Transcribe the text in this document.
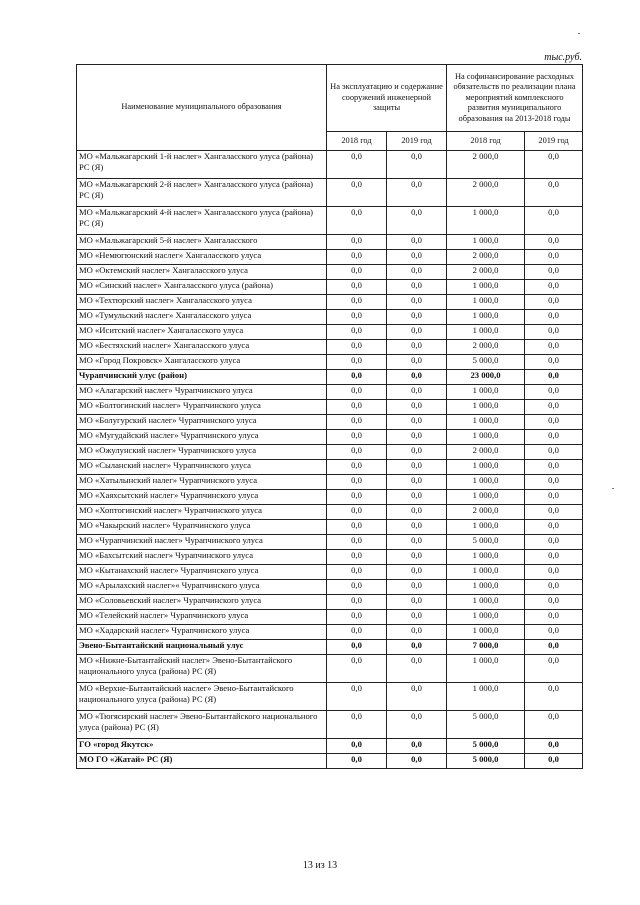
тыс.руб.
Наименование муниципального образования	На эксплуатацию и содержание сооружений инженерной защиты		На софинансирование расходных обязательств по реализации плана мероприятий комплексного развития муниципального образования на 2013-2018 годы	
	2018 год	2019 год	2018 год	2019 год
МО «Мальжагарский 1-й наслег» Хангаласского улуса (района) РС (Я)	0,0	0,0	2 000,0	0,0
МО «Мальжагарский 2-й наслег» Хангаласского улуса (района) РС (Я)	0,0	0,0	2 000,0	0,0
МО «Мальжагарский 4-й наслег» Хангаласского улуса (района) РС (Я)	0,0	0,0	1 000,0	0,0
МО «Мальжагарский 5-й наслег» Хангаласского	0,0	0,0	1 000,0	0,0
МО «Немюгюнский наслег» Хангаласского улуса	0,0	0,0	2 000,0	0,0
МО «Октемский наслег» Хангаласского улуса	0,0	0,0	2 000,0	0,0
МО «Синский наслег» Хангаласского улуса (района)	0,0	0,0	1 000,0	0,0
МО «Техтюрский наслег» Хангаласского улуса	0,0	0,0	1 000,0	0,0
МО «Тумульский наслег» Хангаласского улуса	0,0	0,0	1 000,0	0,0
МО «Иситский наслег» Хангаласского улуса	0,0	0,0	1 000,0	0,0
МО «Бестяхский наслег» Хангаласского улуса	0,0	0,0	2 000,0	0,0
МО «Город Покровск» Хангаласского улуса	0,0	0,0	5 000,0	0,0
Чурапчинский улус (район)	0,0	0,0	23 000,0	0,0
МО «Алагарский наслег» Чурапчинского улуса	0,0	0,0	1 000,0	0,0
МО «Болтогинский наслег» Чурапчинского улуса	0,0	0,0	1 000,0	0,0
МО «Болугурский наслег» Чурапчинского улуса	0,0	0,0	1 000,0	0,0
МО «Мугудайский наслег» Чурапчинского улуса	0,0	0,0	1 000,0	0,0
МО «Ожулунский наслег» Чурапчинского улуса	0,0	0,0	2 000,0	0,0
МО «Сыланский наслег» Чурапчинского улуса	0,0	0,0	1 000,0	0,0
МО «Хатылынский налег» Чурапчинского улуса	0,0	0,0	1 000,0	0,0
МО «Хаяхсытский наслег» Чурапчинского улуса	0,0	0,0	1 000,0	0,0
МО «Хоптогинский наслег» Чурапчинского улуса	0,0	0,0	2 000,0	0,0
МО «Чакырский наслег» Чурапчинского улуса	0,0	0,0	1 000,0	0,0
МО «Чурапчинский наслег» Чурапчинского улуса	0,0	0,0	5 000,0	0,0
МО «Бахсытский наслег» Чурапчинского улуса	0,0	0,0	1 000,0	0,0
МО «Кытанахский наслег» Чурапчинского улуса	0,0	0,0	1 000,0	0,0
МО «Арылахский наслег»« Чурапчинского улуса	0,0	0,0	1 000,0	0,0
МО «Соловьевский наслег» Чурапчинского улуса	0,0	0,0	1 000,0	0,0
МО «Телейский наслег» Чурапчинского улуса	0,0	0,0	1 000,0	0,0
МО «Хадарский наслег» Чурапчинского улуса	0,0	0,0	1 000,0	0,0
Эвено-Бытантайский национальный улус	0,0	0,0	7 000,0	0,0
МО «Нижне-Бытантайский наслег» Эвено-Бытантайского национального улуса (района) РС (Я)	0,0	0,0	1 000,0	0,0
МО «Верхне-Бытантайский наслег» Эвено-Бытантайского национального улуса (района) РС (Я)	0,0	0,0	1 000,0	0,0
МО «Тюгясирский наслег» Эвено-Бытантайского национального улуса (района) РС (Я)	0,0	0,0	5 000,0	0,0
ГО «город Якутск»	0,0	0,0	5 000,0	0,0
МО ГО «Жатай» РС (Я)	0,0	0,0	5 000,0	0,0
13 из 13
